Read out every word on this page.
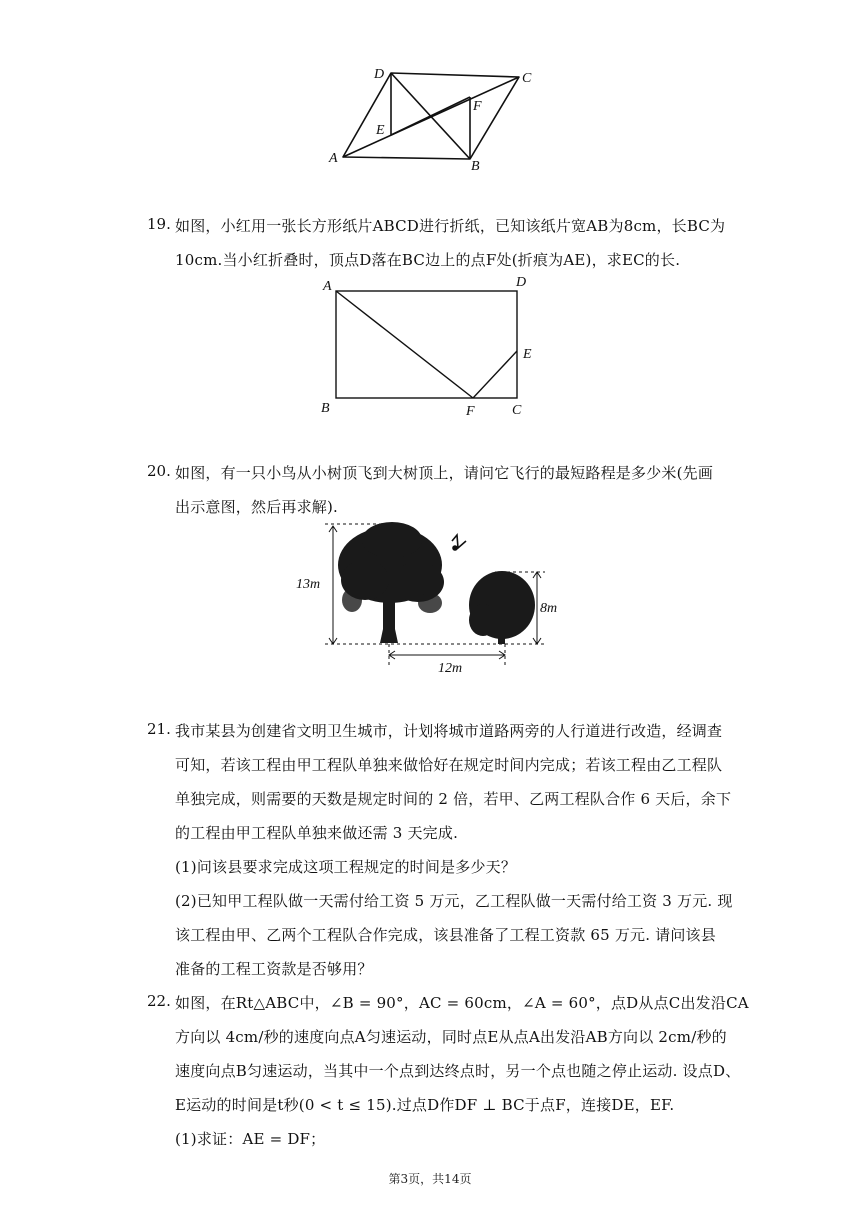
D	C
F
E
A
B
19. 如图，小红用一张长方形纸片ABCD进行折纸，已知该纸片宽AB为8cm，长BC为
10cm.当小红折叠时，顶点D落在BC边上的点F处(折痕为AE)，求EC的长.
A	D
E
B	F	C
20. 如图，有一只小鸟从小树顶飞到大树顶上，请问它飞行的最短路程是多少米(先画
出示意图，然后再求解).
13m
8m
12m
21. 我市某县为创建省文明卫生城市，计划将城市道路两旁的人行道进行改造，经调查
可知，若该工程由甲工程队单独来做恰好在规定时间内完成；若该工程由乙工程队
单独完成，则需要的天数是规定时间的 2 倍，若甲、乙两工程队合作 6 天后，余下
的工程由甲工程队单独来做还需 3 天完成.
(1)问该县要求完成这项工程规定的时间是多少天？
(2)已知甲工程队做一天需付给工资 5 万元，乙工程队做一天需付给工资 3 万元. 现
该工程由甲、乙两个工程队合作完成，该县准备了工程工资款 65 万元. 请问该县
准备的工程工资款是否够用？
22. 如图，在Rt△ABC中，∠B = 90°，AC = 60cm，∠A = 60°，点D从点C出发沿CA
方向以 4cm/秒的速度向点A匀速运动，同时点E从点A出发沿AB方向以 2cm/秒的
速度向点B匀速运动，当其中一个点到达终点时，另一个点也随之停止运动. 设点D、
E运动的时间是t秒(0 < t ≤ 15).过点D作DF ⊥ BC于点F，连接DE，EF.
(1)求证：AE = DF；
第3页，共14页
